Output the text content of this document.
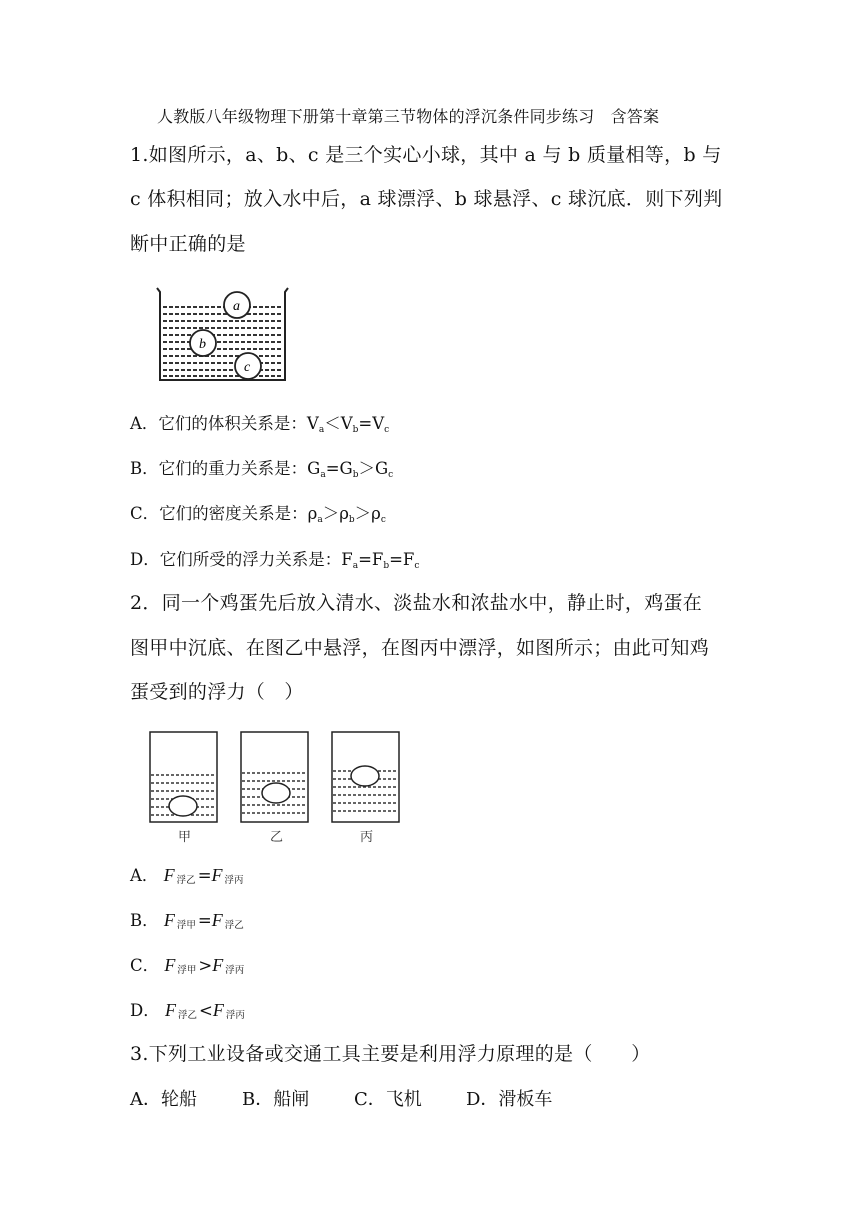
人教版八年级物理下册第十章第三节物体的浮沉条件同步练习　含答案
1.如图所示，a、b、c 是三个实心小球，其中 a 与 b 质量相等，b 与
c 体积相同；放入水中后，a 球漂浮、b 球悬浮、c 球沉底．则下列判
断中正确的是
a
b
c
A．它们的体积关系是：$V_a<V_b=V_c$
B．它们的重力关系是：$G_a=G_b>G_c$
C．它们的密度关系是：$\rho_a>\rho_b>\rho_c$
D．它们所受的浮力关系是：$F_a=F_b=F_c$
2．同一个鸡蛋先后放入清水、淡盐水和浓盐水中，静止时，鸡蛋在
图甲中沉底、在图乙中悬浮，在图丙中漂浮，如图所示；由此可知鸡
蛋受到的浮力（　）
甲	乙	丙
A． F 浮乙 =F 浮丙
B． F 浮甲 =F 浮乙
C． F 浮甲 >F 浮丙
D． F 浮乙 <F 浮丙
3.下列工业设备或交通工具主要是利用浮力原理的是（　　）
A．轮船	B．船闸 C．飞机 D．滑板车
